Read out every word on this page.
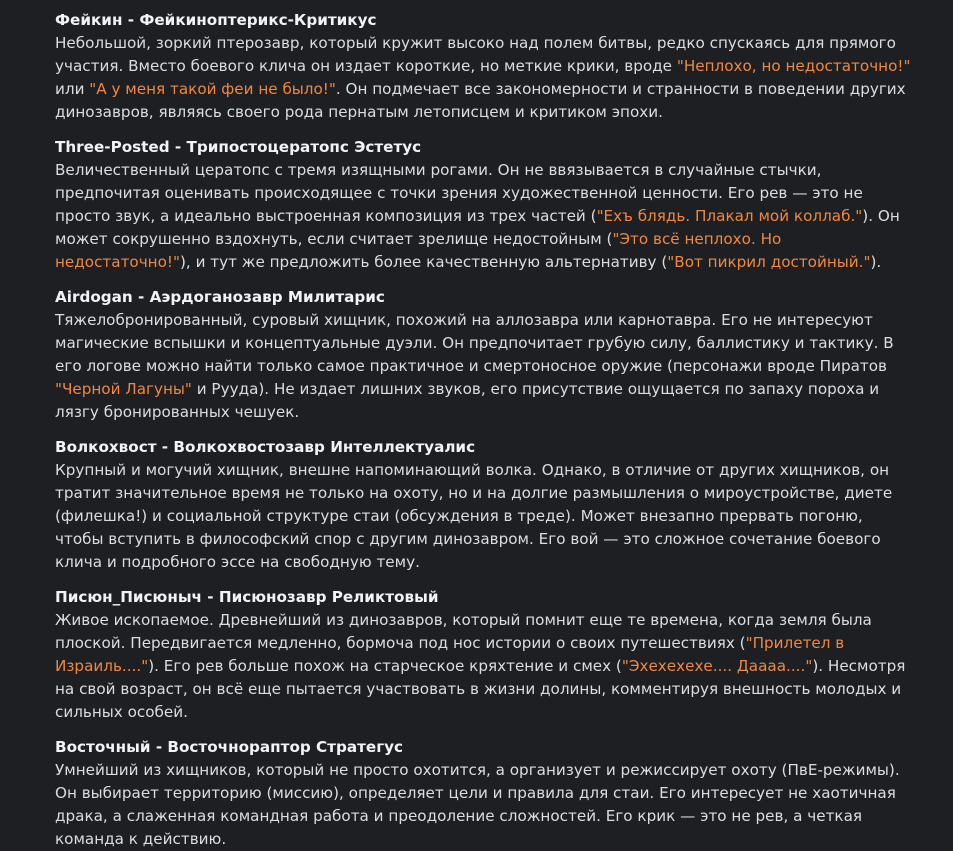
Фейкин - Фейкиноптерикс-Критикус
Небольшой, зоркий птерозавр, который кружит высоко над полем битвы, редко спускаясь для прямого участия. Вместо боевого клича он издает короткие, но меткие крики, вроде "Неплохо, но недостаточно!" или "А у меня такой феи не было!". Он подмечает все закономерности и странности в поведении других динозавров, являясь своего рода пернатым летописцем и критиком эпохи.
Three-Posted - Трипостоцератопс Эстетус
Величественный цератопс с тремя изящными рогами. Он не ввязывается в случайные стычки, предпочитая оценивать происходящее с точки зрения художественной ценности. Его рев — это не просто звук, а идеально выстроенная композиция из трех частей ("Ехъ блядь. Плакал мой коллаб."). Он может сокрушенно вздохнуть, если считает зрелище недостойным ("Это всё неплохо. Но недостаточно!"), и тут же предложить более качественную альтернативу ("Вот пикрил достойный.").
Airdogan - Аэрдоганозавр Милитарис
Тяжелобронированный, суровый хищник, похожий на аллозавра или карнотавра. Его не интересуют магические вспышки и концептуальные дуэли. Он предпочитает грубую силу, баллистику и тактику. В его логове можно найти только самое практичное и смертоносное оружие (персонажи вроде Пиратов "Черной Лагуны" и Рууда). Не издает лишних звуков, его присутствие ощущается по запаху пороха и лязгу бронированных чешуек.
Волкохвост - Волкохвостозавр Интеллектуалис
Крупный и могучий хищник, внешне напоминающий волка. Однако, в отличие от других хищников, он тратит значительное время не только на охоту, но и на долгие размышления о мироустройстве, диете (филешка!) и социальной структуре стаи (обсуждения в треде). Может внезапно прервать погоню, чтобы вступить в философский спор с другим динозавром. Его вой — это сложное сочетание боевого клича и подробного эссе на свободную тему.
Писюн_Писюныч - Писюнозавр Реликтовый
Живое ископаемое. Древнейший из динозавров, который помнит еще те времена, когда земля была плоской. Передвигается медленно, бормоча под нос истории о своих путешествиях ("Прилетел в Израиль...."). Его рев больше похож на старческое кряхтение и смех ("Эхехехехе.... Даааа...."). Несмотря на свой возраст, он всё еще пытается участвовать в жизни долины, комментируя внешность молодых и сильных особей.
Восточный - Восточнораптор Стратегус
Умнейший из хищников, который не просто охотится, а организует и режиссирует охоту (ПвЕ-режимы). Он выбирает территорию (миссию), определяет цели и правила для стаи. Его интересует не хаотичная драка, а слаженная командная работа и преодоление сложностей. Его крик — это не рев, а четкая команда к действию.
